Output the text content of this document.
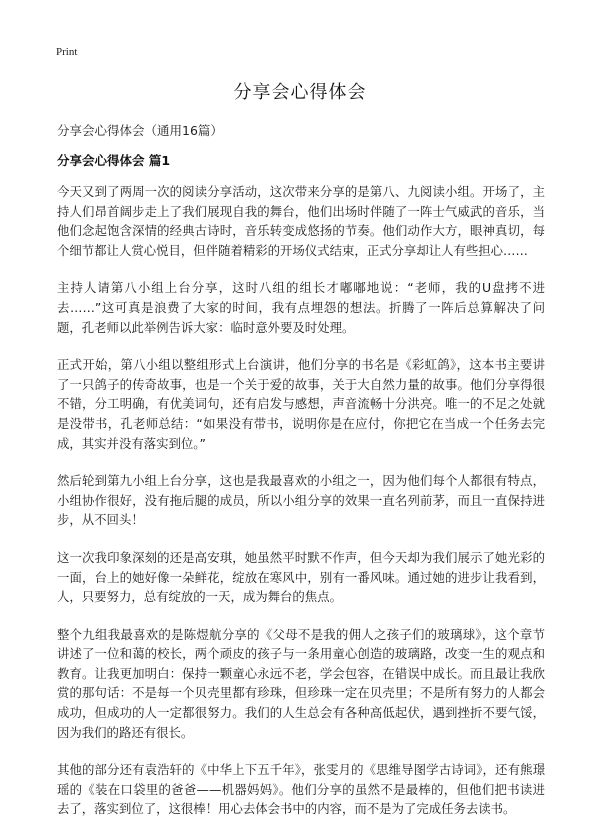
Print
分享会心得体会
分享会心得体会（通用16篇）
分享会心得体会 篇1

今天又到了两周一次的阅读分享活动，这次带来分享的是第八、九阅读小组。开场了，主持人们昂首阔步走上了我们展现自我的舞台，他们出场时伴随了一阵士气威武的音乐，当他们念起饱含深情的经典古诗时，音乐转变成悠扬的节奏。他们动作大方，眼神真切，每个细节都让人赏心悦目，但伴随着精彩的开场仪式结束，正式分享却让人有些担心……

主持人请第八小组上台分享，这时八组的组长才嘟嘟地说：“老师，我的U盘拷不进去……”这可真是浪费了大家的时间，我有点埋怨的想法。折腾了一阵后总算解决了问题，孔老师以此举例告诉大家：临时意外要及时处理。

正式开始，第八小组以整组形式上台演讲，他们分享的书名是《彩虹鸽》，这本书主要讲了一只鸽子的传奇故事，也是一个关于爱的故事，关于大自然力量的故事。他们分享得很不错，分工明确，有优美词句，还有启发与感想，声音流畅十分洪亮。唯一的不足之处就是没带书，孔老师总结：“如果没有带书，说明你是在应付，你把它在当成一个任务去完成，其实并没有落实到位。”

然后轮到第九小组上台分享，这也是我最喜欢的小组之一，因为他们每个人都很有特点，小组协作很好，没有拖后腿的成员，所以小组分享的效果一直名列前茅，而且一直保持进步，从不回头！

这一次我印象深刻的还是高安琪，她虽然平时默不作声，但今天却为我们展示了她光彩的一面，台上的她好像一朵鲜花，绽放在寒风中，别有一番风味。通过她的进步让我看到，人，只要努力，总有绽放的一天，成为舞台的焦点。

整个九组我最喜欢的是陈煜航分享的《父母不是我的佣人之孩子们的玻璃球》，这个章节讲述了一位和蔼的校长，两个顽皮的孩子与一条用童心创造的玻璃路，改变一生的观点和教育。让我更加明白：保持一颗童心永远不老，学会包容，在错误中成长。而且最让我欣赏的那句话：不是每一个贝壳里都有珍珠，但珍珠一定在贝壳里；不是所有努力的人都会成功，但成功的人一定都很努力。我们的人生总会有各种高低起伏，遇到挫折不要气馁，因为我们的路还有很长。

其他的部分还有袁浩轩的《中华上下五千年》，张雯月的《思维导图学古诗词》，还有熊璟瑶的《装在口袋里的爸爸——机器妈妈》。他们分享的虽然不是最棒的，但他们把书读进去了，落实到位了，这很棒！用心去体会书中的内容，而不是为了完成任务去读书。
